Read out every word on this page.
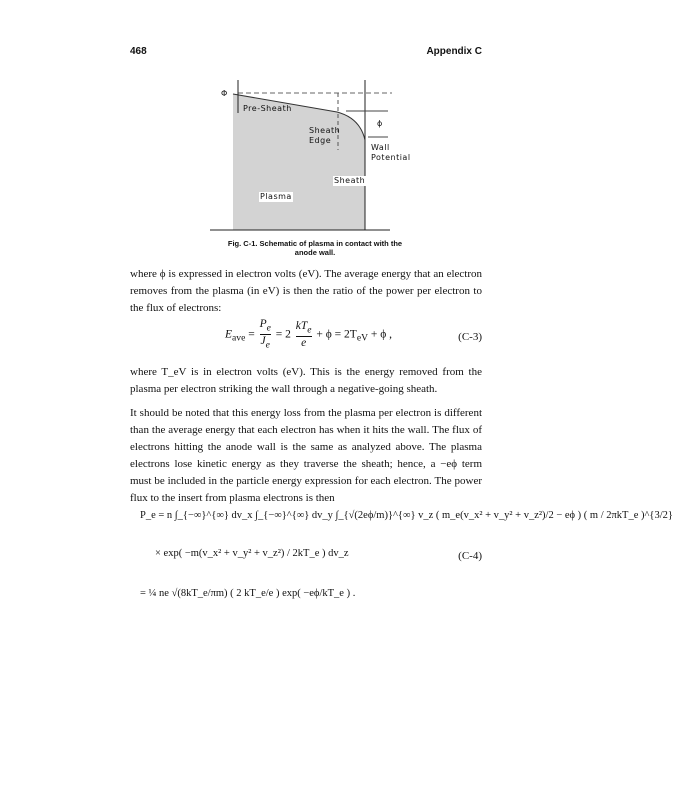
468	Appendix C
Φ
Pre-Sheath
Sheath
Edge
ϕ
Wall
Potential
Sheath
Plasma
Fig. C-1. Schematic of plasma in contact with the
anode wall.

where ϕ is expressed in electron volts (eV). The average energy that an electron removes from the plasma (in eV) is then the ratio of the power per electron to the flux of electrons:

$E_{ave} = \frac{P_e}{J_e} = 2 \frac{kT_e}{e} + \phi = 2T_{eV} + \phi$ ,	(C-3)

where T_eV is in electron volts (eV). This is the energy removed from the plasma per electron striking the wall through a negative-going sheath.

It should be noted that this energy loss from the plasma per electron is different than the average energy that each electron has when it hits the wall. The flux of electrons hitting the anode wall is the same as analyzed above. The plasma electrons lose kinetic energy as they traverse the sheath; hence, a −eϕ term must be included in the particle energy expression for each electron. The power flux to the insert from plasma electrons is then

P_e = n ∫_{−∞}^{∞} dv_x ∫_{−∞}^{∞} dv_y ∫_{√(2eϕ/m)}^{∞} v_z ( m_e(v_x² + v_y² + v_z²)/2 − eϕ ) ( m / 2πkT_e )^{3/2}
× exp( −m(v_x² + v_y² + v_z²) / 2kT_e ) dv_z	(C-4)
= ¼ ne √(8kT_e/πm) ( 2 kT_e/e ) exp( −eϕ/kT_e ) .
